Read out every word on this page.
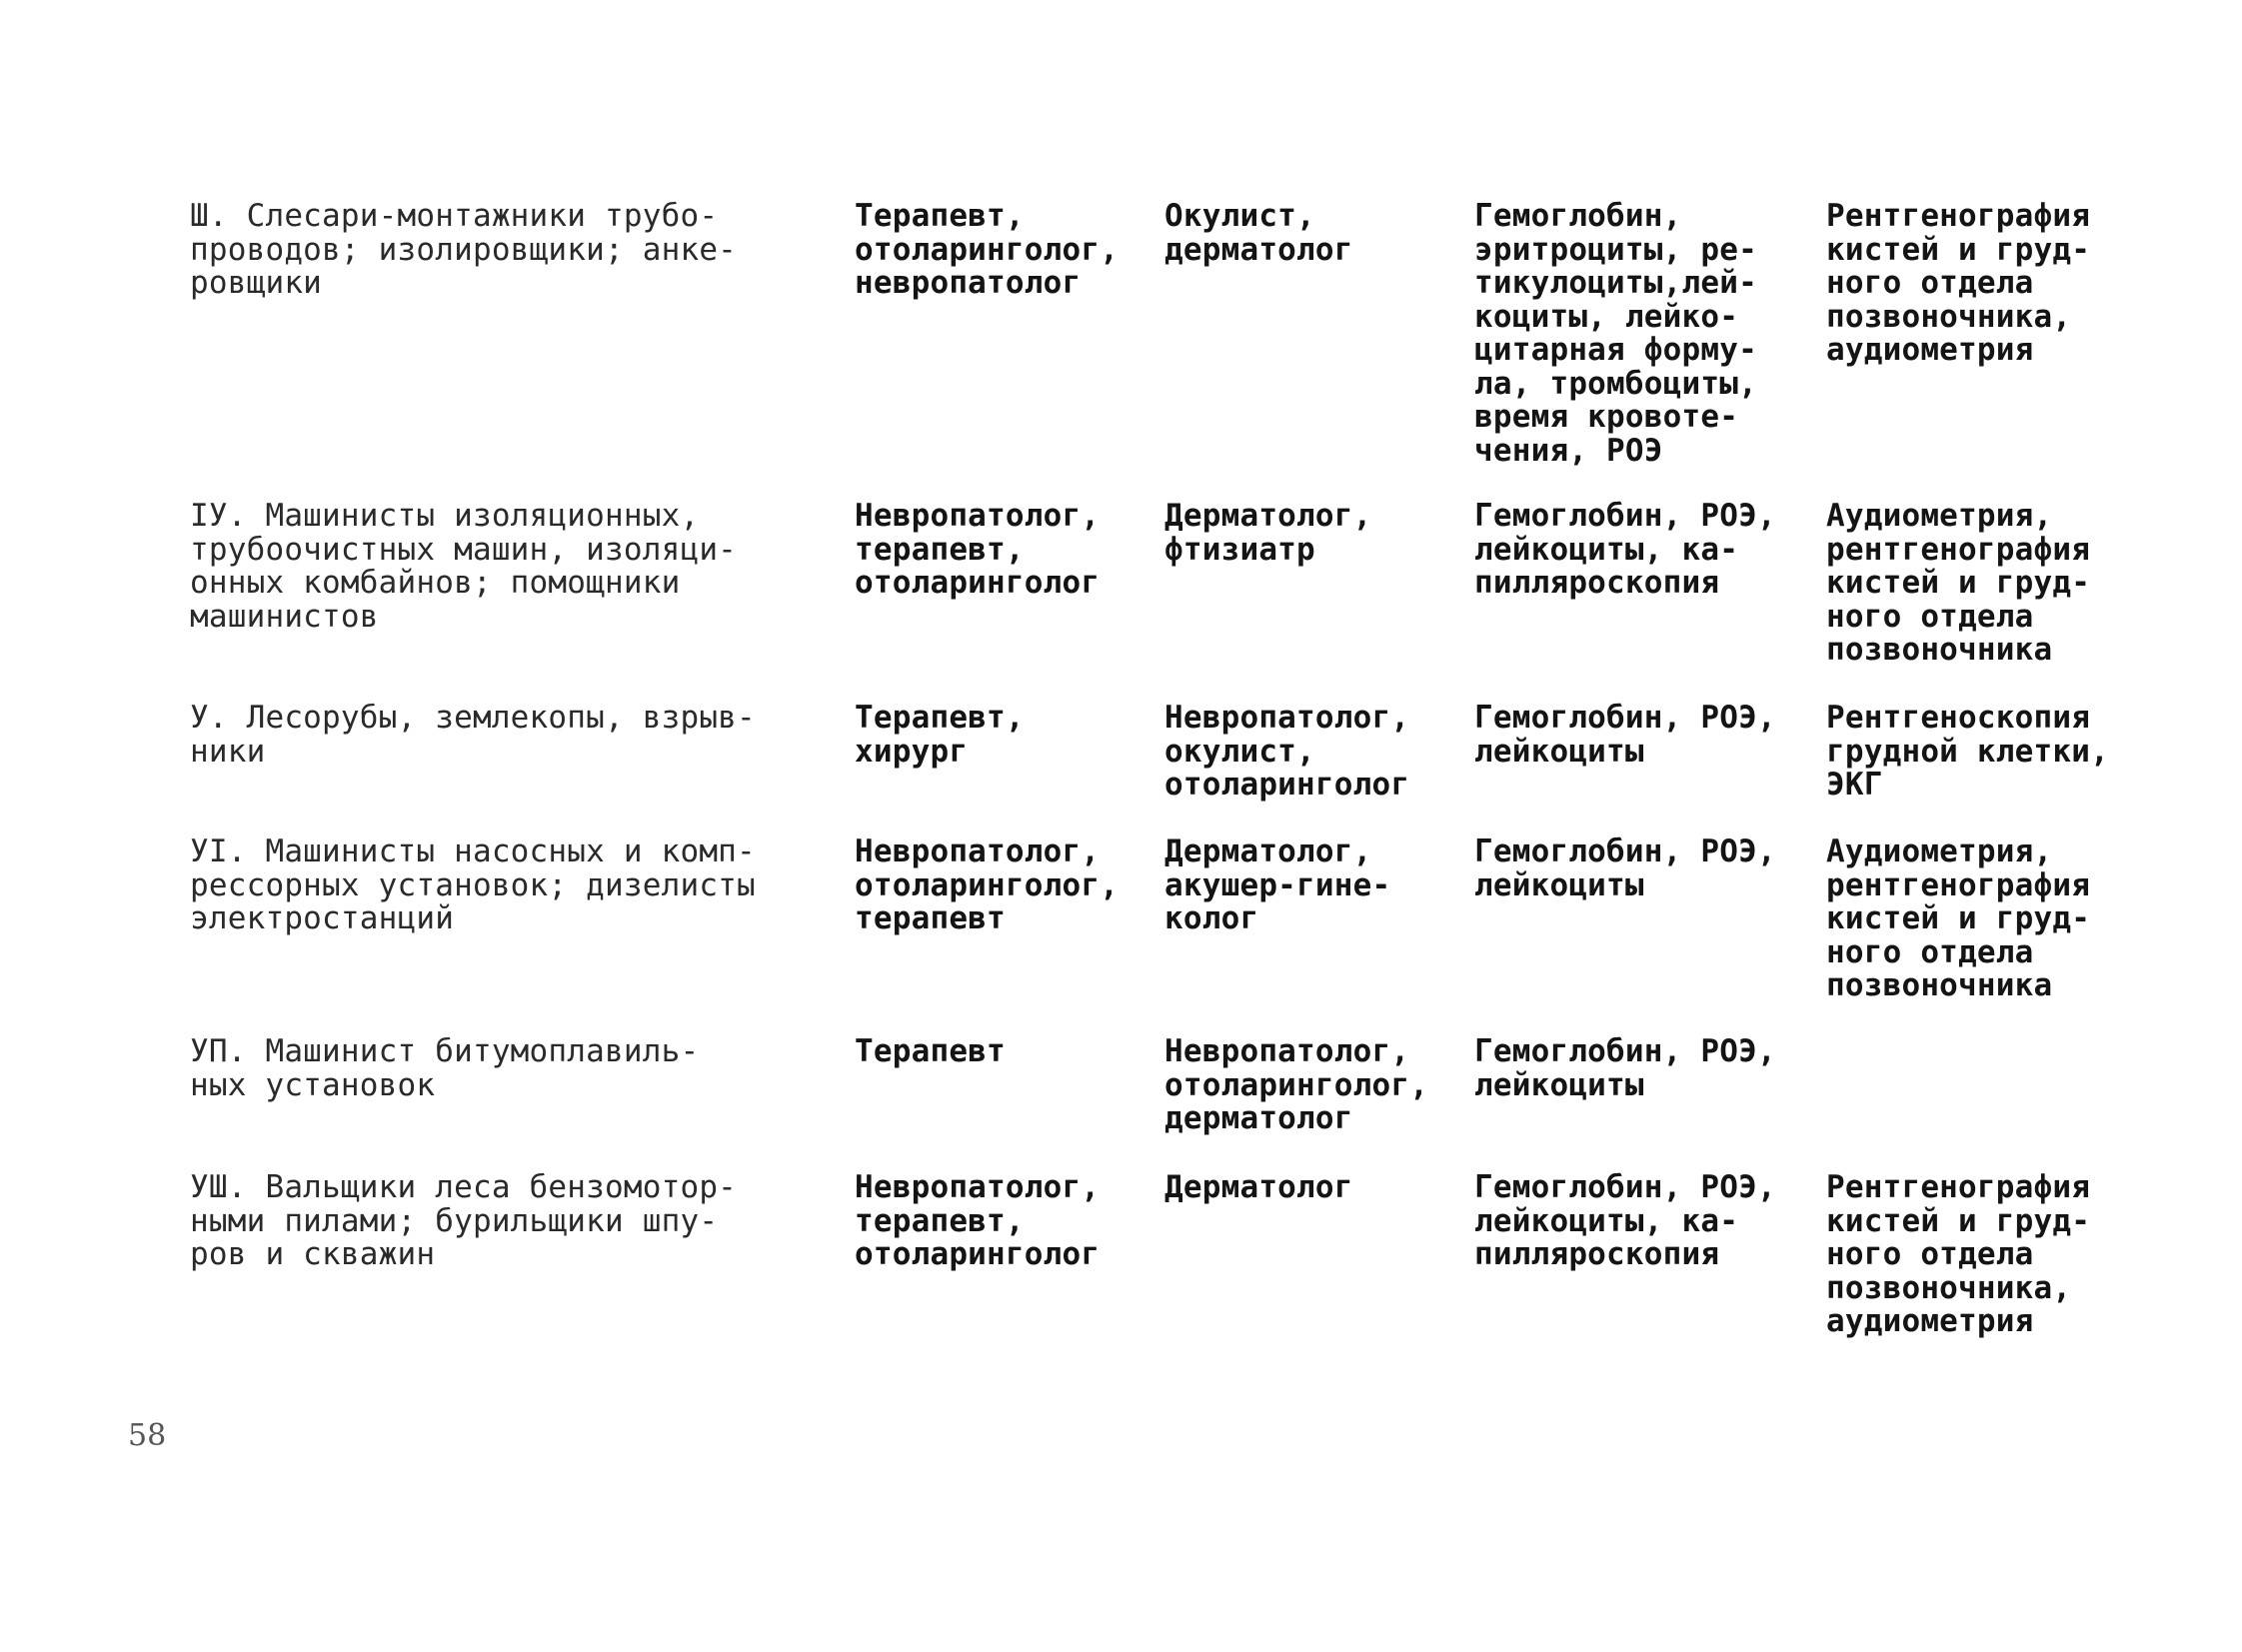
Ш. Слесари-монтажники трубо-
проводов; изолировщики; анке-
ровщики
Терапевт,
отоларинголог,
невропатолог
Окулист,
дерматолог
Гемоглобин,
эритроциты, ре-
тикулоциты,лей-
коциты, лейко-
цитарная форму-
ла, тромбоциты,
время кровоте-
чения, РОЭ
Рентгенография
кистей и груд-
ного отдела
позвоночника,
аудиометрия
IУ. Машинисты изоляционных,
трубоочистных машин, изоляци-
онных комбайнов; помощники
машинистов
Невропатолог,
терапевт,
отоларинголог
Дерматолог,
фтизиатр
Гемоглобин, РОЭ,
лейкоциты, ка-
пилляроскопия
Аудиометрия,
рентгенография
кистей и груд-
ного отдела
позвоночника
У. Лесорубы, землекопы, взрыв-
ники
Терапевт,
хирург
Невропатолог,
окулист,
отоларинголог
Гемоглобин, РОЭ,
лейкоциты
Рентгеноскопия
грудной клетки,
ЭКГ
УI. Машинисты насосных и комп-
рессорных установок; дизелисты
электростанций
Невропатолог,
отоларинголог,
терапевт
Дерматолог,
акушер-гине-
колог
Гемоглобин, РОЭ,
лейкоциты
Аудиометрия,
рентгенография
кистей и груд-
ного отдела
позвоночника
УП. Машинист битумоплавиль-
ных установок
Терапевт	Невропатолог,
отоларинголог,
дерматолог
Гемоглобин, РОЭ,
лейкоциты
УШ. Вальщики леса бензомотор-
ными пилами; бурильщики шпу-
ров и скважин
Невропатолог,
терапевт,
отоларинголог
Дерматолог	Гемоглобин, РОЭ,
лейкоциты, ка-
пилляроскопия
Рентгенография
кистей и груд-
ного отдела
позвоночника,
аудиометрия
58
